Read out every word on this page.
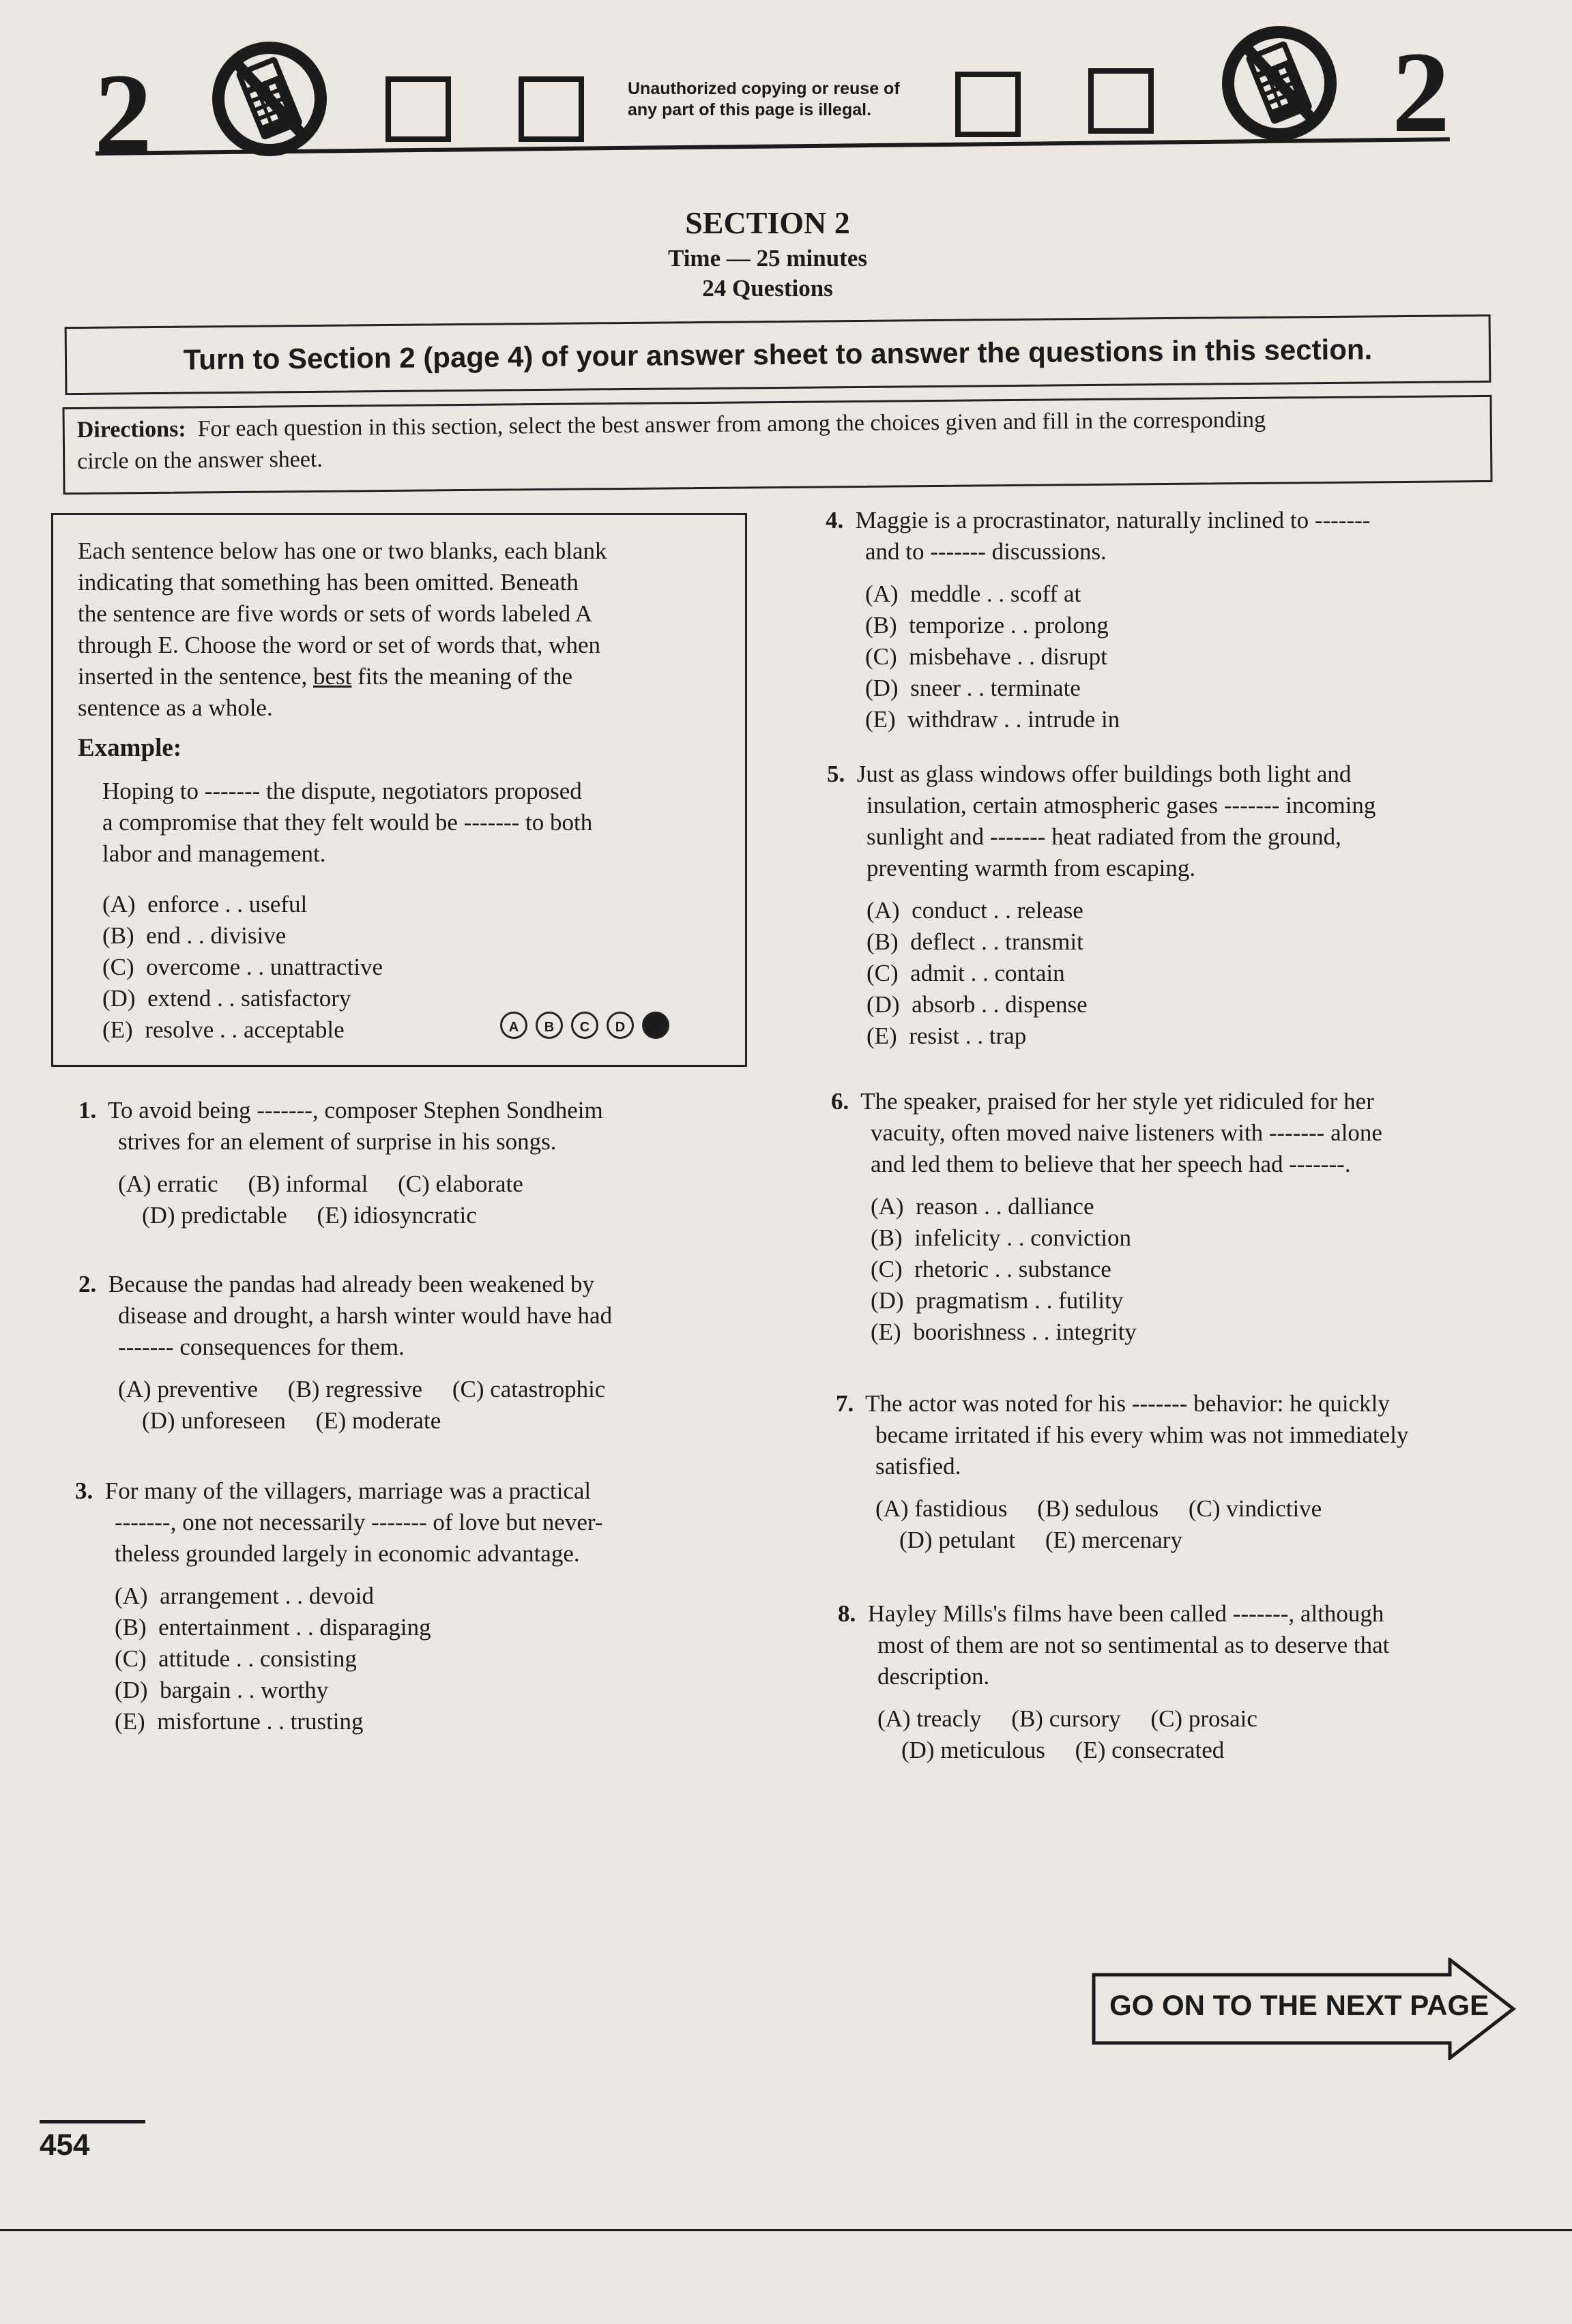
2	Unauthorized copying or reuse of
any part of this page is illegal.	2
SECTION 2
Time — 25 minutes
24 Questions
Turn to Section 2 (page 4) of your answer sheet to answer the questions in this section.
Directions: For each question in this section, select the best answer from among the choices given and fill in the corresponding
circle on the answer sheet.
Each sentence below has one or two blanks, each blank
indicating that something has been omitted. Beneath
the sentence are five words or sets of words labeled A
through E. Choose the word or set of words that, when
inserted in the sentence, best fits the meaning of the
sentence as a whole.
Example:
Hoping to ------- the dispute, negotiators proposed
a compromise that they felt would be ------- to both
labor and management.
(A)  enforce . . useful
(B)  end . . divisive
(C)  overcome . . unattractive
(D)  extend . . satisfactory
(E)  resolve . . acceptable	A B C D E
1. To avoid being -------, composer Stephen Sondheim
strives for an element of surprise in his songs.
(A) erratic     (B) informal     (C) elaborate
(D) predictable     (E) idiosyncratic
2. Because the pandas had already been weakened by
disease and drought, a harsh winter would have had
------- consequences for them.
(A) preventive     (B) regressive     (C) catastrophic
(D) unforeseen     (E) moderate
3. For many of the villagers, marriage was a practical
-------, one not necessarily ------- of love but never-
theless grounded largely in economic advantage.
(A)  arrangement . . devoid
(B)  entertainment . . disparaging
(C)  attitude . . consisting
(D)  bargain . . worthy
(E)  misfortune . . trusting
4. Maggie is a procrastinator, naturally inclined to -------
and to ------- discussions.
(A)  meddle . . scoff at
(B)  temporize . . prolong
(C)  misbehave . . disrupt
(D)  sneer . . terminate
(E)  withdraw . . intrude in
5. Just as glass windows offer buildings both light and
insulation, certain atmospheric gases ------- incoming
sunlight and ------- heat radiated from the ground,
preventing warmth from escaping.
(A)  conduct . . release
(B)  deflect . . transmit
(C)  admit . . contain
(D)  absorb . . dispense
(E)  resist . . trap
6. The speaker, praised for her style yet ridiculed for her
vacuity, often moved naive listeners with ------- alone
and led them to believe that her speech had -------.
(A)  reason . . dalliance
(B)  infelicity . . conviction
(C)  rhetoric . . substance
(D)  pragmatism . . futility
(E)  boorishness . . integrity
7. The actor was noted for his ------- behavior: he quickly
became irritated if his every whim was not immediately
satisfied.
(A) fastidious     (B) sedulous     (C) vindictive
(D) petulant     (E) mercenary
8. Hayley Mills's films have been called -------, although
most of them are not so sentimental as to deserve that
description.
(A) treacly     (B) cursory     (C) prosaic
(D) meticulous     (E) consecrated
GO ON TO THE NEXT PAGE
454
